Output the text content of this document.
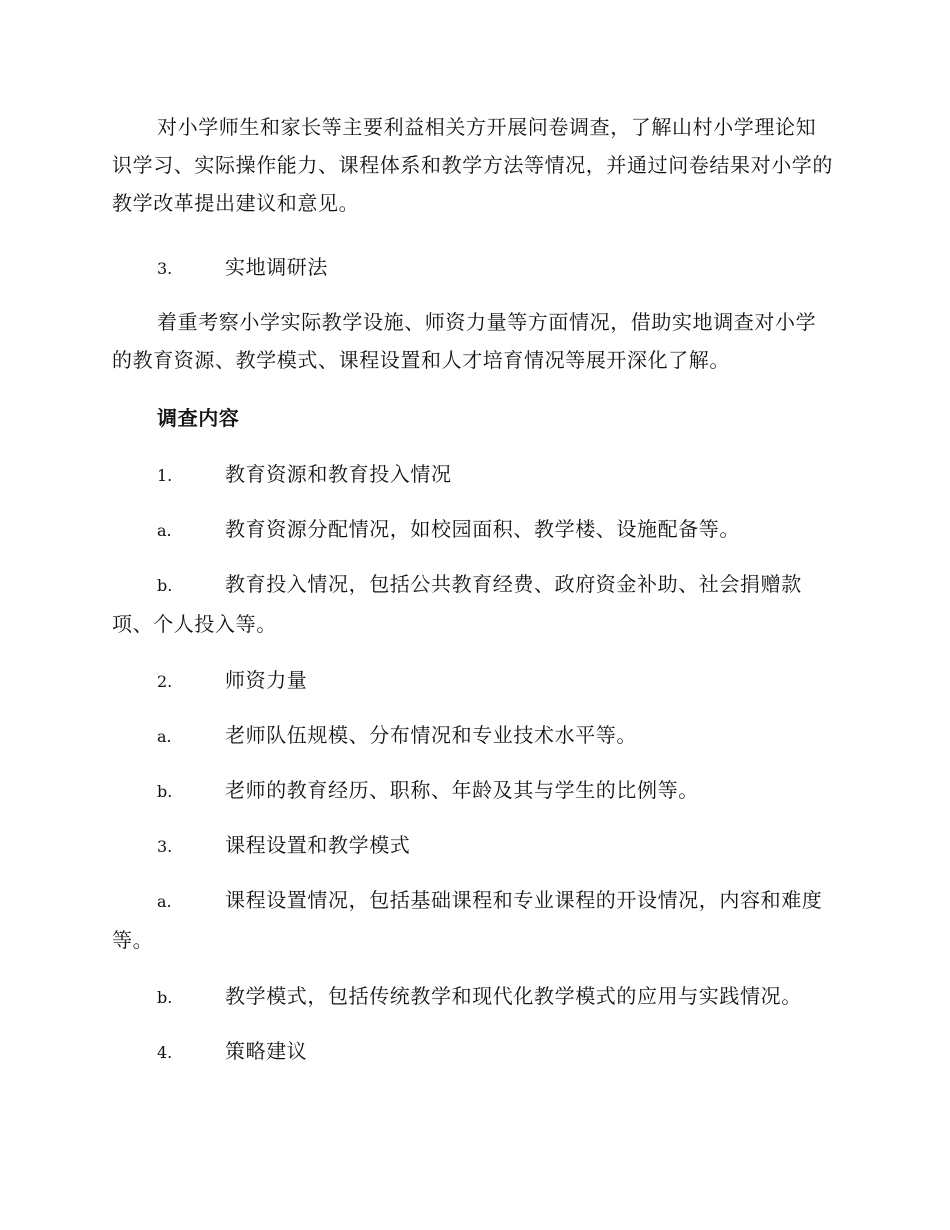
对小学师生和家长等主要利益相关方开展问卷调查，了解山村小学理论知识学习、实际操作能力、课程体系和教学方法等情况，并通过问卷结果对小学的教学改革提出建议和意见。
3.	实地调研法
着重考察小学实际教学设施、师资力量等方面情况，借助实地调查对小学的教育资源、教学模式、课程设置和人才培育情况等展开深化了解。
调查内容
1.	教育资源和教育投入情况
a.	教育资源分配情况，如校园面积、教学楼、设施配备等。
b.	教育投入情况，包括公共教育经费、政府资金补助、社会捐赠款项、个人投入等。
2.	师资力量
a.	老师队伍规模、分布情况和专业技术水平等。
b.	老师的教育经历、职称、年龄及其与学生的比例等。
3.	课程设置和教学模式
a.	课程设置情况，包括基础课程和专业课程的开设情况，内容和难度等。
b.	教学模式，包括传统教学和现代化教学模式的应用与实践情况。
4.	策略建议
